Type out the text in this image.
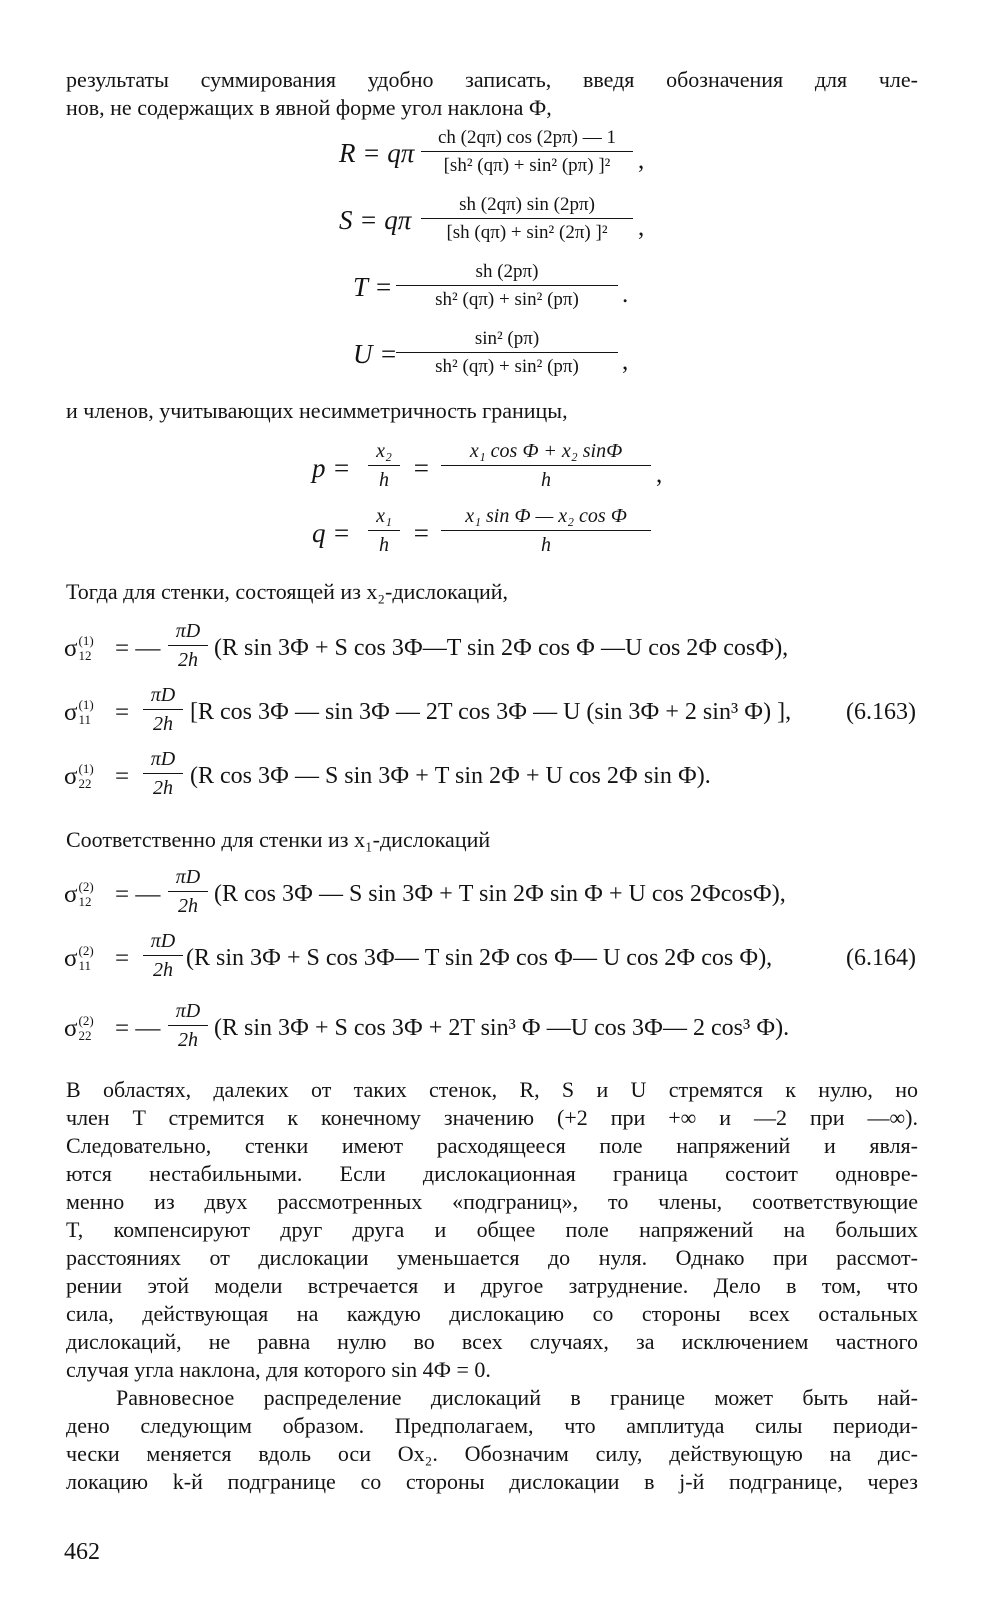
результаты суммирования удобно записать, введя обозначения для чле-
нов, не содержащих в явной форме угол наклона Ф,
R = qπ
ch (2qπ) cos (2pπ) — 1
[sh² (qπ) + sin² (pπ) ]² ,
S = qπ
sh (2qπ) sin (2pπ)
[sh (qπ) + sin² (2π) ]² ,
T =
sh (2pπ)
sh² (qπ) + sin² (pπ) .
U =
sin² (pπ)
sh² (qπ) + sin² (pπ) ,
и членов, учитывающих несимметричность границы,
p =
x₂
h =
x₁ cos Ф + x₂ sinФ
h	,
q =
x₁
h =
x₁ sin Ф — x₂ cos Ф
h
Тогда для стенки, состоящей из x₂-дислокаций,
σ (1)
12 = —
πD
2h (R sin 3Ф + S cos 3Ф—T sin 2Ф cos Ф —U cos 2Ф cosФ),
σ (1)
11 =
πD
2h [R cos 3Ф — sin 3Ф — 2T cos 3Ф — U (sin 3Ф + 2 sin³ Ф) ], (6.163)
σ (1)
22 =
πD
2h (R cos 3Ф — S sin 3Ф + T sin 2Ф + U cos 2Ф sin Ф).
Соответственно для стенки из x₁-дислокаций
σ (2)
12 = —
πD
2h (R cos 3Ф — S sin 3Ф + T sin 2Ф sin Ф + U cos 2ФcosФ),
σ (2)
11 =
πD
2h (R sin 3Ф + S cos 3Ф— T sin 2Ф cos Ф— U cos 2Ф cos Ф),	(6.164)
σ (2)
22 = —
πD
2h (R sin 3Ф + S cos 3Ф + 2T sin³ Ф —U cos 3Ф— 2 cos³ Ф).
В областях, далеких от таких стенок, R, S и U стремятся к нулю, но
член T стремится к конечному значению (+2 при +∞ и —2 при —∞).
Следовательно, стенки имеют расходящееся поле напряжений и явля-
ются нестабильными. Если дислокационная граница состоит одновре-
менно из двух рассмотренных «подграниц», то члены, соответствующие
T, компенсируют друг друга и общее поле напряжений на больших
расстояниях от дислокации уменьшается до нуля. Однако при рассмот-
рении этой модели встречается и другое затруднение. Дело в том, что
сила, действующая на каждую дислокацию со стороны всех остальных
дислокаций, не равна нулю во всех случаях, за исключением частного
случая угла наклона, для которого sin 4Ф = 0.
Равновесное распределение дислокаций в границе может быть най-
дено следующим образом. Предполагаем, что амплитуда силы периоди-
чески меняется вдоль оси Ox₂. Обозначим силу, действующую на дис-
локацию k-й подгранице со стороны дислокации в j-й подгранице, через
462
